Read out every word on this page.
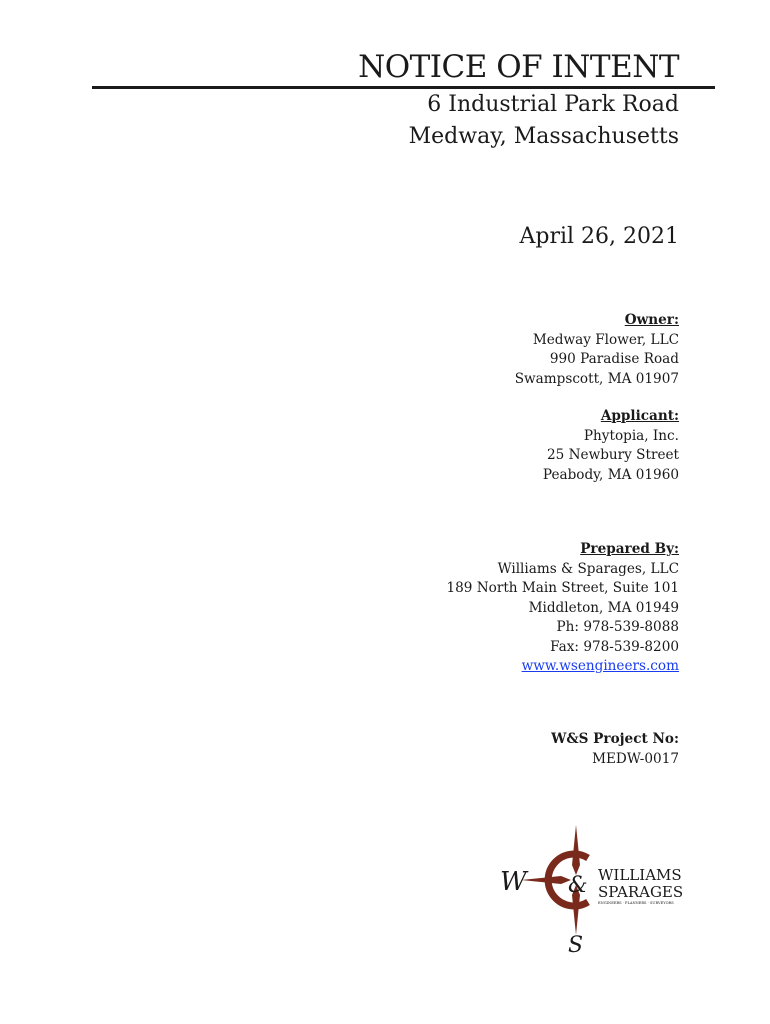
NOTICE OF INTENT
6 Industrial Park Road
Medway, Massachusetts
April 26, 2021
Owner:
Medway Flower, LLC
990 Paradise Road
Swampscott, MA 01907
Applicant:
Phytopia, Inc.
25 Newbury Street
Peabody, MA 01960
Prepared By:
Williams & Sparages, LLC
189 North Main Street, Suite 101
Middleton, MA 01949
Ph: 978-539-8088
Fax: 978-539-8200
www.wsengineers.com
W&S Project No:
MEDW-0017
W &
S
WILLIAMS
SPARAGES
ENGINEERS · PLANNERS · SURVEYORS
